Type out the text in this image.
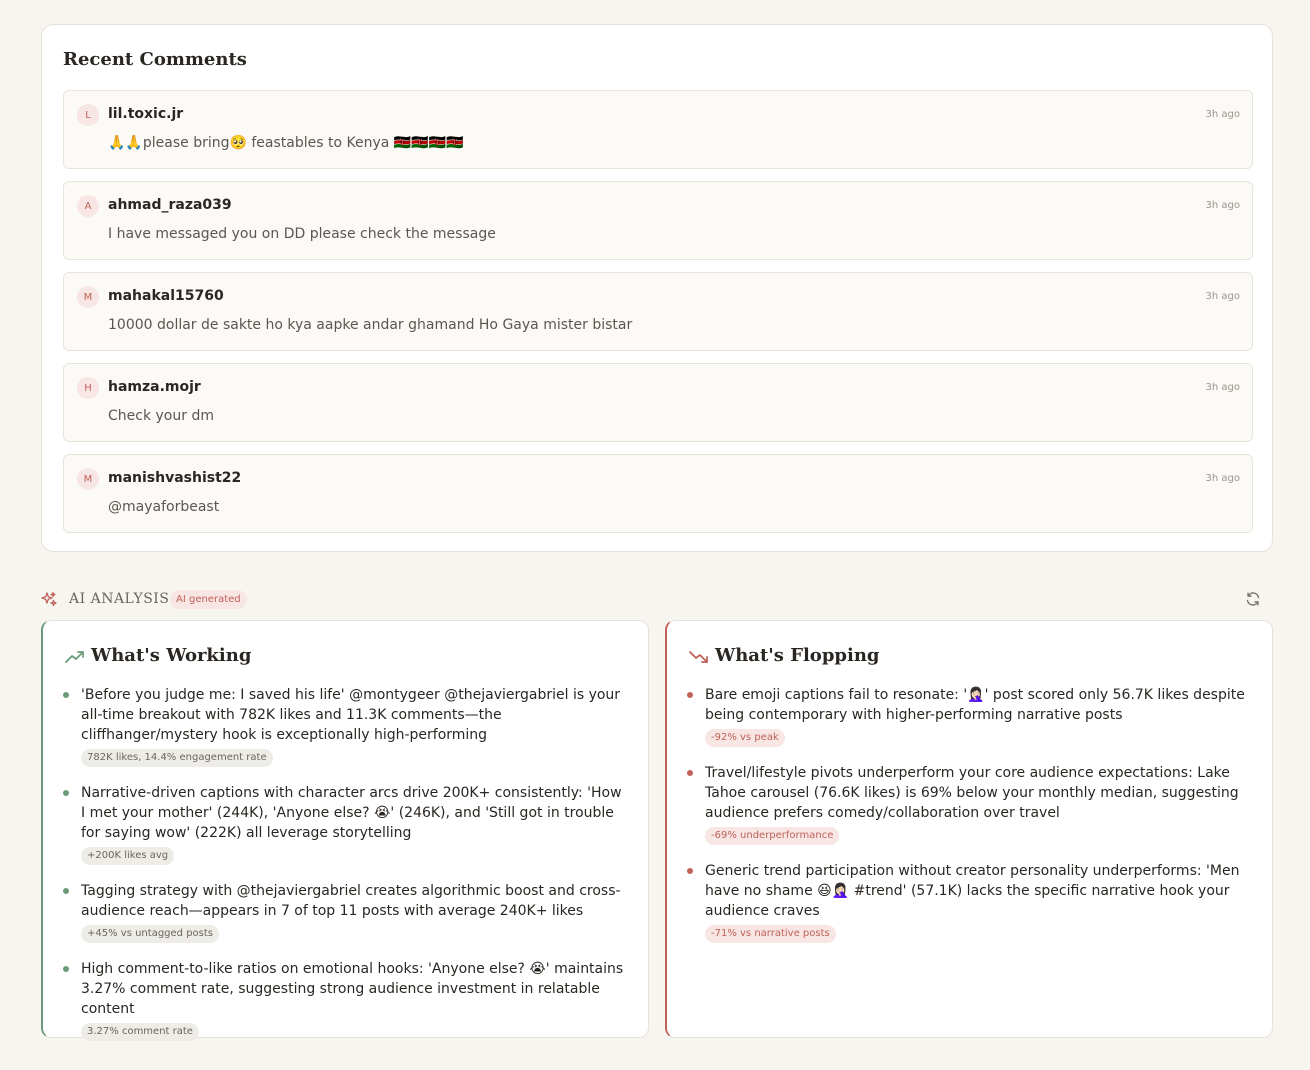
Recent Comments
L	lil.toxic.jr	3h ago
🙏🙏please bring🥺 feastables to Kenya 🇰🇪🇰🇪🇰🇪🇰🇪
A	ahmad_raza039	3h ago
I have messaged you on DD please check the message
M	mahakal15760	3h ago
10000 dollar de sakte ho kya aapke andar ghamand Ho Gaya mister bistar
H	hamza.mojr	3h ago
Check your dm
M	manishvashist22	3h ago
@mayaforbeast
AI ANALYSIS AI generated
What's Working
'Before you judge me: I saved his life' @montygeer @thejaviergabriel is your all-time breakout with 782K likes and 11.3K comments—the cliffhanger/mystery hook is exceptionally high-performing
782K likes, 14.4% engagement rate
Narrative-driven captions with character arcs drive 200K+ consistently: 'How I met your mother' (244K), 'Anyone else? 😭' (246K), and 'Still got in trouble for saying wow' (222K) all leverage storytelling
+200K likes avg
Tagging strategy with @thejaviergabriel creates algorithmic boost and cross-audience reach—appears in 7 of top 11 posts with average 240K+ likes
+45% vs untagged posts
High comment-to-like ratios on emotional hooks: 'Anyone else? 😭' maintains 3.27% comment rate, suggesting strong audience investment in relatable content
3.27% comment rate
What's Flopping
Bare emoji captions fail to resonate: '🤦🏻‍♀️' post scored only 56.7K likes despite being contemporary with higher-performing narrative posts
-92% vs peak
Travel/lifestyle pivots underperform your core audience expectations: Lake Tahoe carousel (76.6K likes) is 69% below your monthly median, suggesting audience prefers comedy/collaboration over travel
-69% underperformance
Generic trend participation without creator personality underperforms: 'Men have no shame 😆🤦🏻‍♀️ #trend' (57.1K) lacks the specific narrative hook your audience craves
-71% vs narrative posts
